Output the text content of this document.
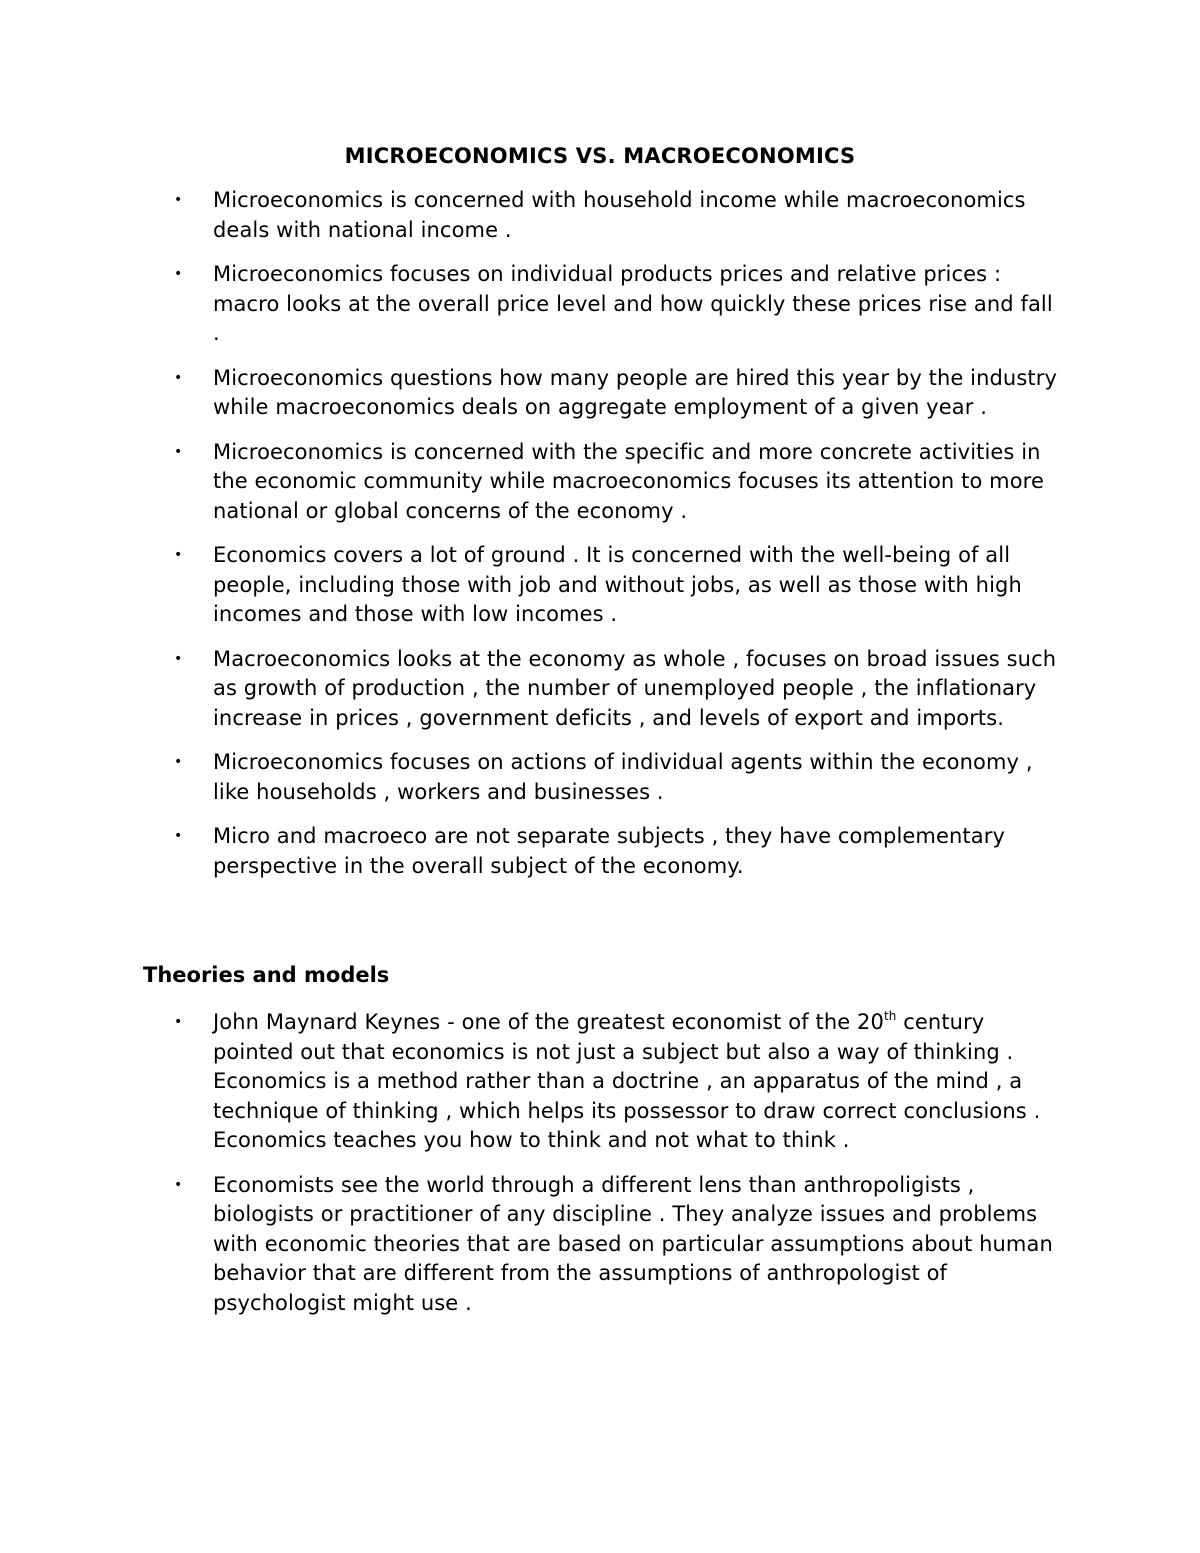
MICROECONOMICS VS. MACROECONOMICS
• Microeconomics is concerned with household income while macroeconomics deals with national income .
• Microeconomics focuses on individual products prices and relative prices : macro looks at the overall price level and how quickly these prices rise and fall .
• Microeconomics questions how many people are hired this year by the industry while macroeconomics deals on aggregate employment of a given year .
• Microeconomics is concerned with the specific and more concrete activities in the economic community while macroeconomics focuses its attention to more national or global concerns of the economy .
• Economics covers a lot of ground . It is concerned with the well-being of all people, including those with job and without jobs, as well as those with high incomes and those with low incomes .
• Macroeconomics looks at the economy as whole , focuses on broad issues such as growth of production , the number of unemployed people , the inflationary increase in prices , government deficits , and levels of export and imports.
• Microeconomics focuses on actions of individual agents within the economy , like households , workers and businesses .
• Micro and macroeco are not separate subjects , they have complementary perspective in the overall subject of the economy.
Theories and models
• John Maynard Keynes - one of the greatest economist of the 20th century pointed out that economics is not just a subject but also a way of thinking . Economics is a method rather than a doctrine , an apparatus of the mind , a technique of thinking , which helps its possessor to draw correct conclusions . Economics teaches you how to think and not what to think .
• Economists see the world through a different lens than anthropoligists , biologists or practitioner of any discipline . They analyze issues and problems with economic theories that are based on particular assumptions about human behavior that are different from the assumptions of anthropologist of psychologist might use .
